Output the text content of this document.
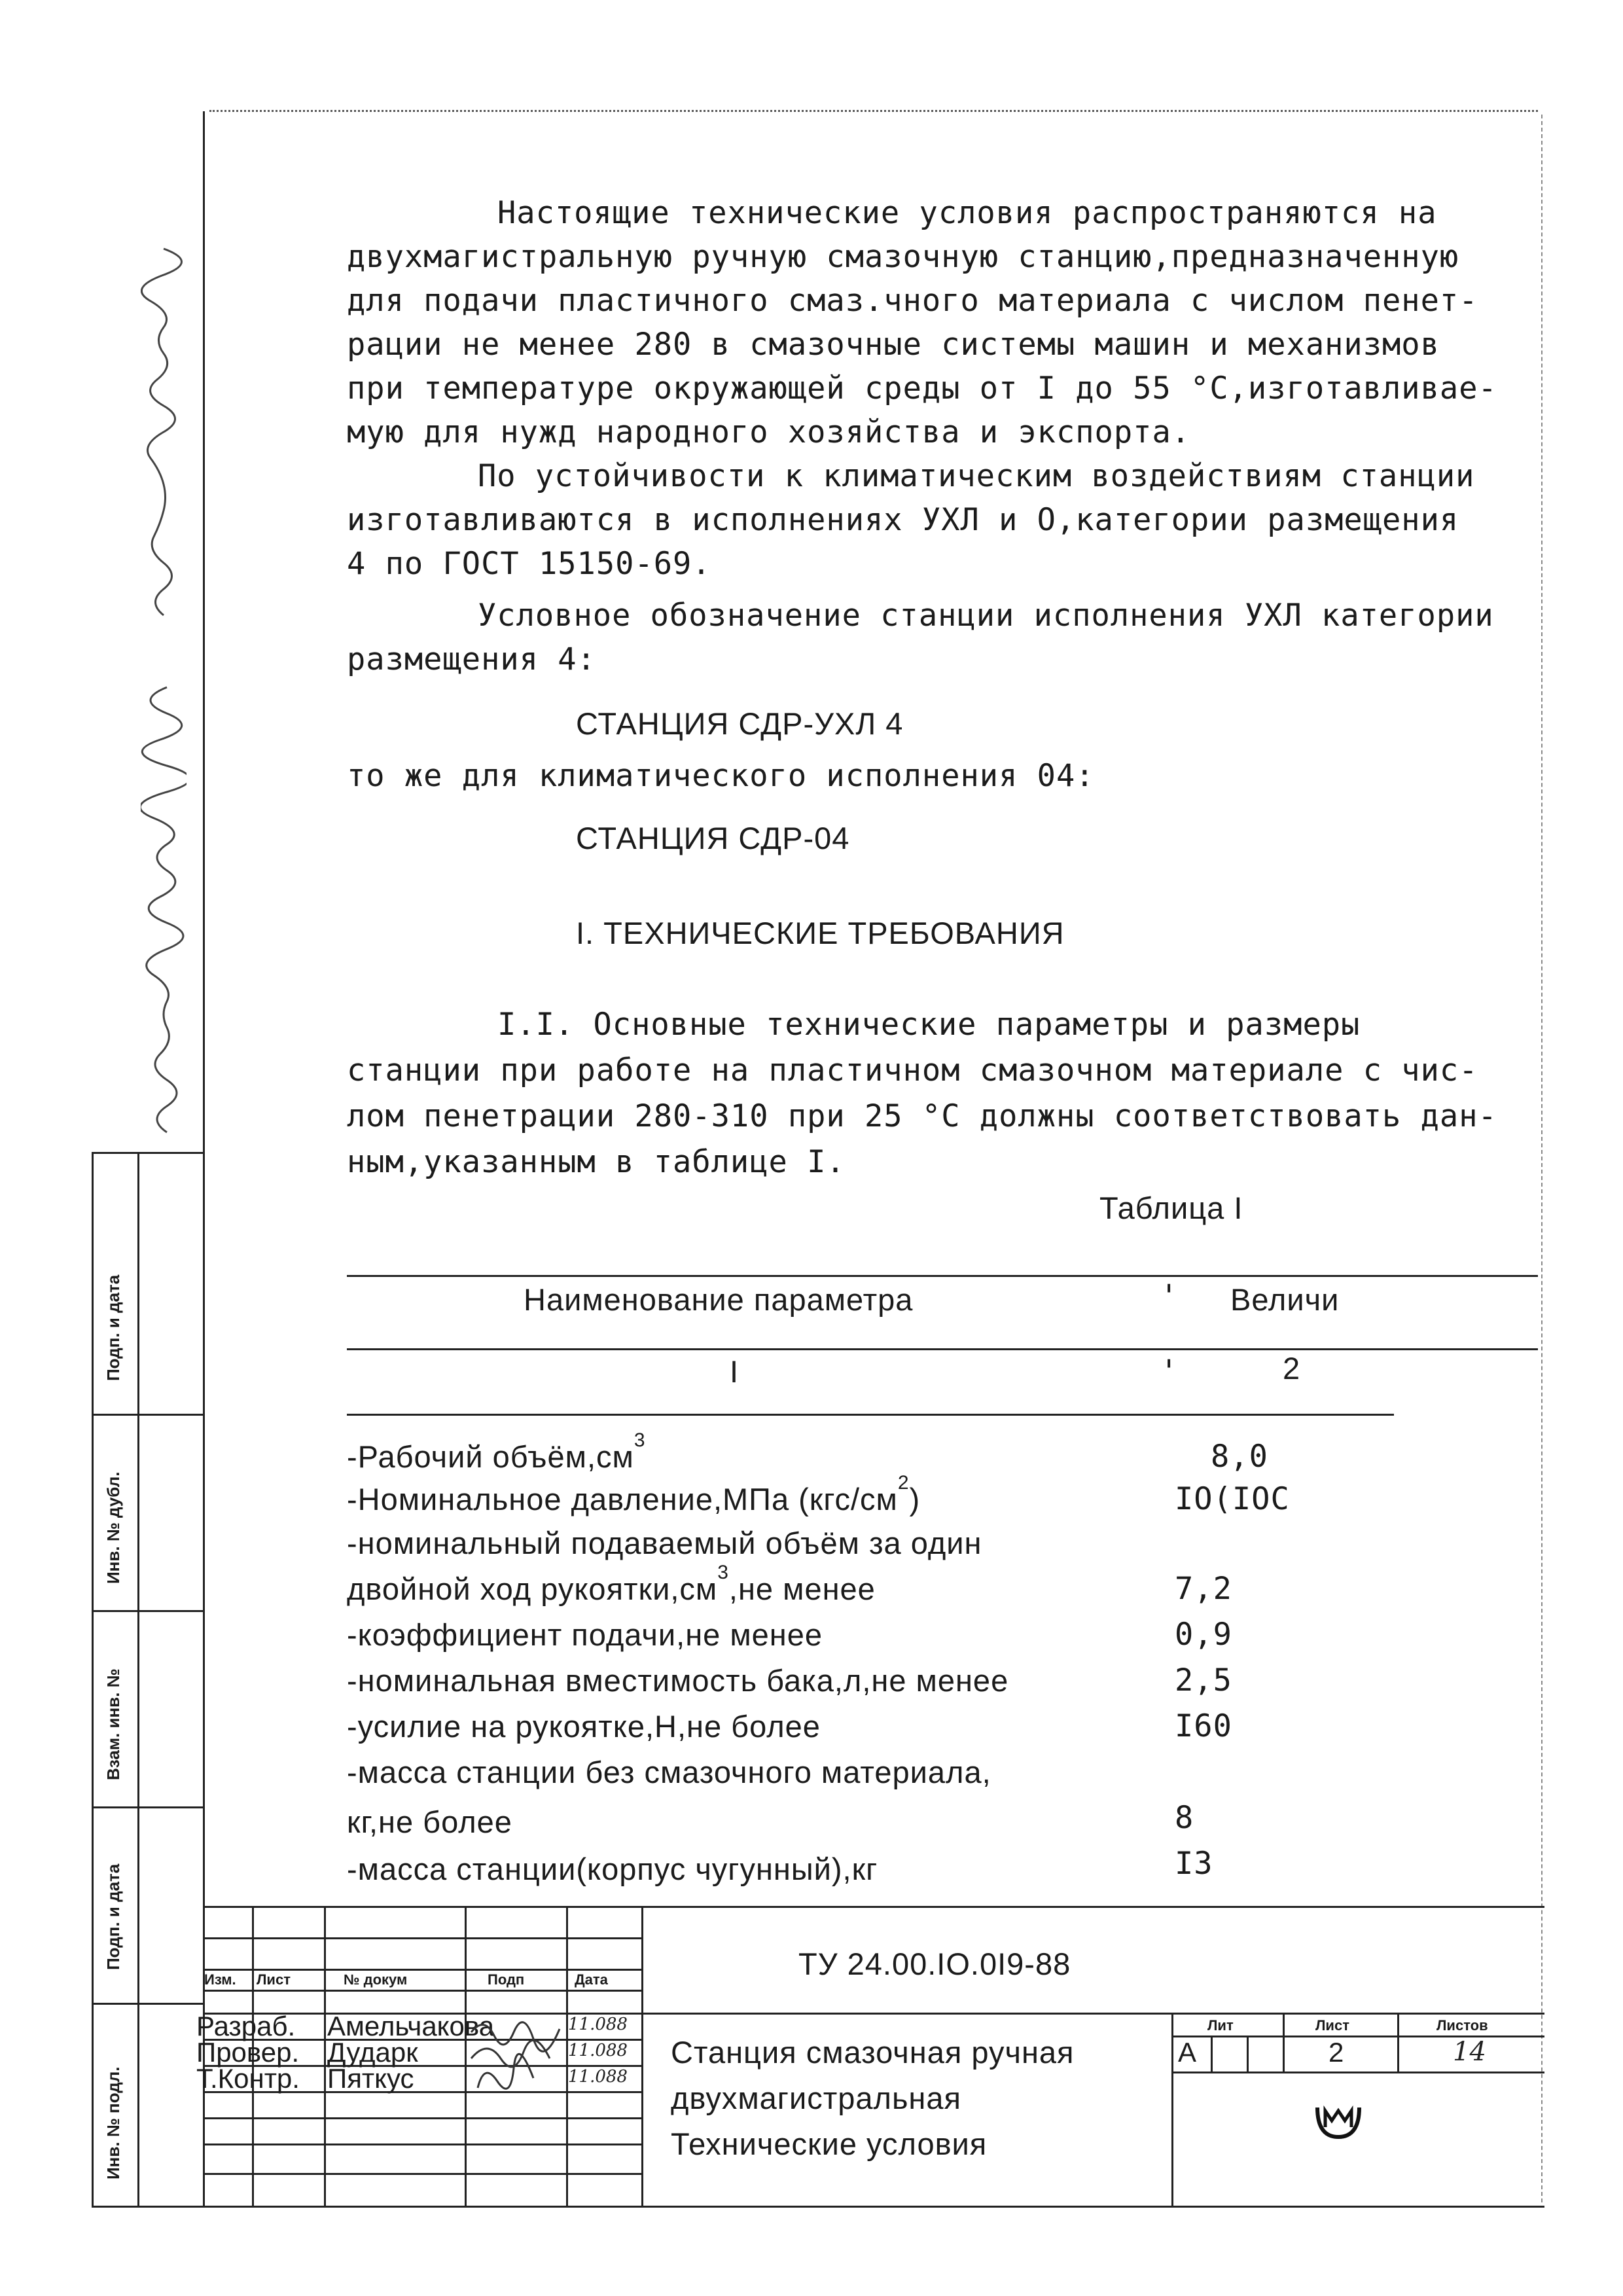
Инв. № подл.
Подп. и дата
Взам. инв. №
Инв. № дубл.
Подп. и дата
Настоящие технические условия распространяются на
двухмагистральную ручную смазочную станцию,предназначенную
для подачи пластичного смаз.чного материала с числом пенет-
рации не менее 280 в смазочные системы машин и механизмов
при температуре окружающей среды от I до 55 °C,изготавливае-
мую для нужд народного хозяйства и экспорта.
По устойчивости к климатическим воздействиям станции
изготавливаются в исполнениях УХЛ и О,категории размещения
4 по ГОСТ 15150-69.
Условное обозначение станции исполнения УХЛ категории
размещения 4:
СТАНЦИЯ СДР-УХЛ 4
то же для климатического исполнения 04:
СТАНЦИЯ СДР-04
I. ТЕХНИЧЕСКИЕ ТРЕБОВАНИЯ
I.I. Основные технические параметры и размеры
станции при работе на пластичном смазочном материале с чис-
лом пенетрации 280-310 при 25 °C должны соответствовать дан-
ным,указанным в таблице I.
Таблица I
Наименование параметра	' Величи
I	'	2
-Рабочий $объём,см^3$	8,0
-Номинальное давление,МПа $(кгс/см^2)$	IO(IOC
-номинальный подаваемый объём за один
двойной ход $рукоятки,см^3,не$ менее	7,2
-коэффициент подачи,не менее	0,9
-номинальная вместимость бака,л,не менее	2,5
-усилие на рукоятке,Н,не более	I60
-масса станции без смазочного материала,
кг,не более	8
-масса станции(корпус чугунный),кг	I3
ТУ 24.00.IO.0I9-88
Изм. Лист	№ докум	Подп	Дата
Разраб. Амельчакова	11.088
Провер. Дударк	11.088
Т.Контр. Пяткус	11.088
Станция смазочная ручная
двухмагистральная
Технические условия
Лит	Лист	Листов
А	2	14
